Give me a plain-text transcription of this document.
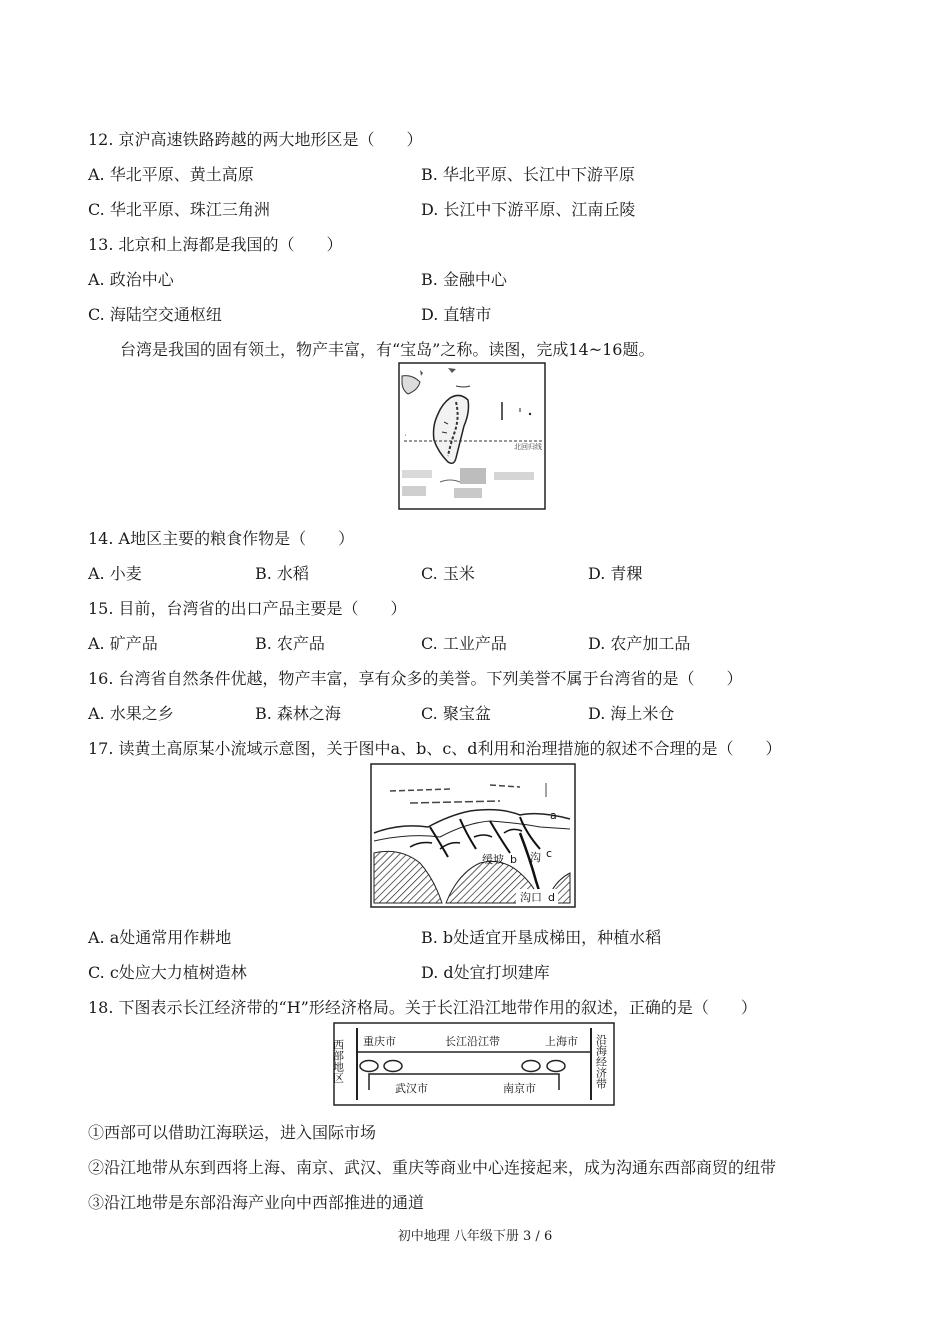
12. 京沪高速铁路跨越的两大地形区是（　　）
A. 华北平原、黄土高原	B. 华北平原、长江中下游平原
C. 华北平原、珠江三角洲	D. 长江中下游平原、江南丘陵
13. 北京和上海都是我国的（　　）
A. 政治中心	B. 金融中心
C. 海陆空交通枢纽	D. 直辖市
台湾是我国的固有领土，物产丰富，有“宝岛”之称。读图，完成14~16题。
北回归线
·
14. A地区主要的粮食作物是（　　）
A. 小麦	B. 水稻	C. 玉米	D. 青稞
15. 目前，台湾省的出口产品主要是（　　）
A. 矿产品	B. 农产品	C. 工业产品	D. 农产加工品
16. 台湾省自然条件优越，物产丰富，享有众多的美誉。下列美誉不属于台湾省的是（　　）
A. 水果之乡	B. 森林之海	C. 聚宝盆	D. 海上米仓
17. 读黄土高原某小流域示意图，关于图中a、b、c、d利用和治理措施的叙述不合理的是（　　）
a
缓坡 b 沟 c
沟口 d
A. a处通常用作耕地	B. b处适宜开垦成梯田，种植水稻
C. c处应大力植树造林	D. d处宜打坝建库
18. 下图表示长江经济带的“H”形经济格局。关于长江沿江地带作用的叙述，正确的是（　　）
西部地区	沿海经济带
重庆市	长江沿江带	上海市
武汉市	南京市
①西部可以借助江海联运，进入国际市场
②沿江地带从东到西将上海、南京、武汉、重庆等商业中心连接起来，成为沟通东西部商贸的纽带
③沿江地带是东部沿海产业向中西部推进的通道
初中地理 八年级下册 3 / 6
